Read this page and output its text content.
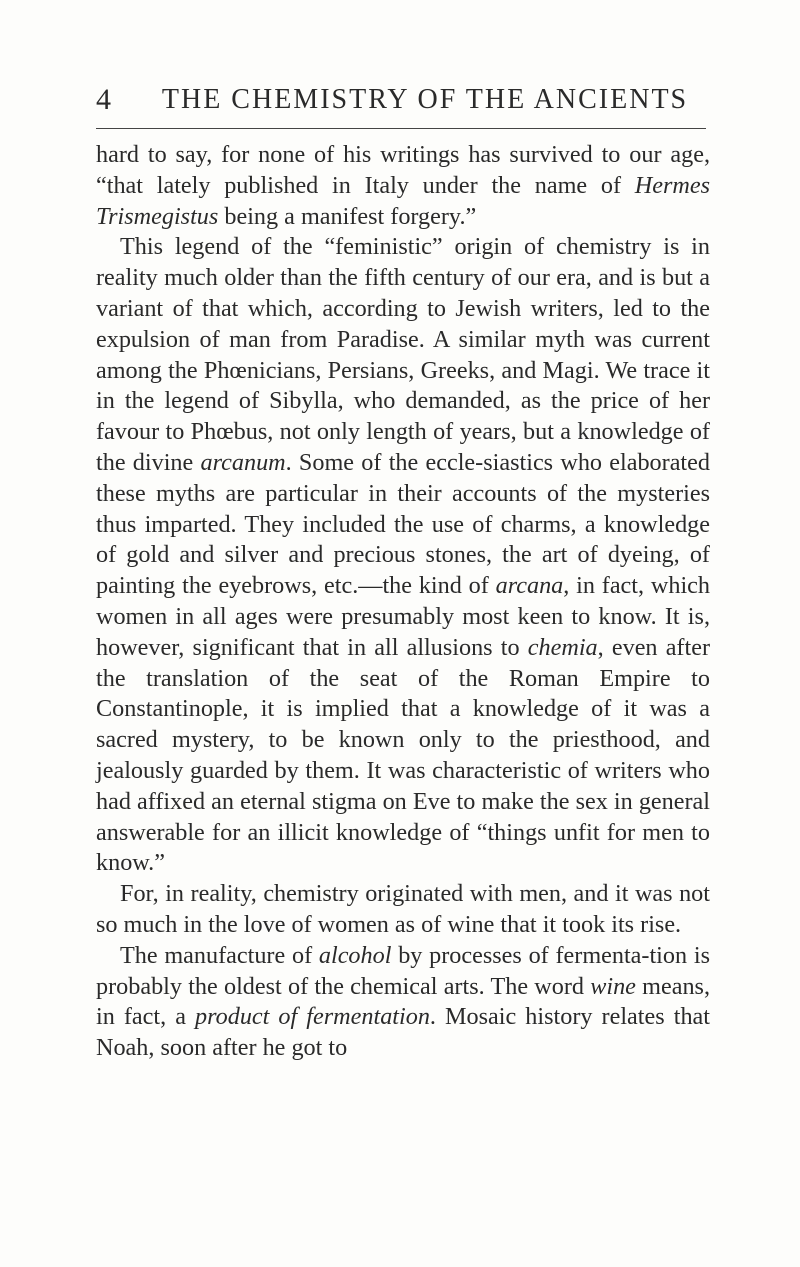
4	THE CHEMISTRY OF THE ANCIENTS

hard to say, for none of his writings has survived to our age, “that lately published in Italy under the name of Hermes Trismegistus being a manifest forgery.”

This legend of the “feministic” origin of chemistry is in reality much older than the fifth century of our era, and is but a variant of that which, according to Jewish writers, led to the expulsion of man from Paradise. A similar myth was current among the Phœnicians, Persians, Greeks, and Magi. We trace it in the legend of Sibylla, who demanded, as the price of her favour to Phœbus, not only length of years, but a knowledge of the divine arcanum. Some of the eccle-siastics who elaborated these myths are particular in their accounts of the mysteries thus imparted. They included the use of charms, a knowledge of gold and silver and precious stones, the art of dyeing, of painting the eyebrows, etc.—the kind of arcana, in fact, which women in all ages were presumably most keen to know. It is, however, significant that in all allusions to chemia, even after the translation of the seat of the Roman Empire to Constantinople, it is implied that a knowledge of it was a sacred mystery, to be known only to the priesthood, and jealously guarded by them. It was characteristic of writers who had affixed an eternal stigma on Eve to make the sex in general answerable for an illicit knowledge of “things unfit for men to know.”

For, in reality, chemistry originated with men, and it was not so much in the love of women as of wine that it took its rise.

The manufacture of alcohol by processes of fermenta-tion is probably the oldest of the chemical arts. The word wine means, in fact, a product of fermentation. Mosaic history relates that Noah, soon after he got to
